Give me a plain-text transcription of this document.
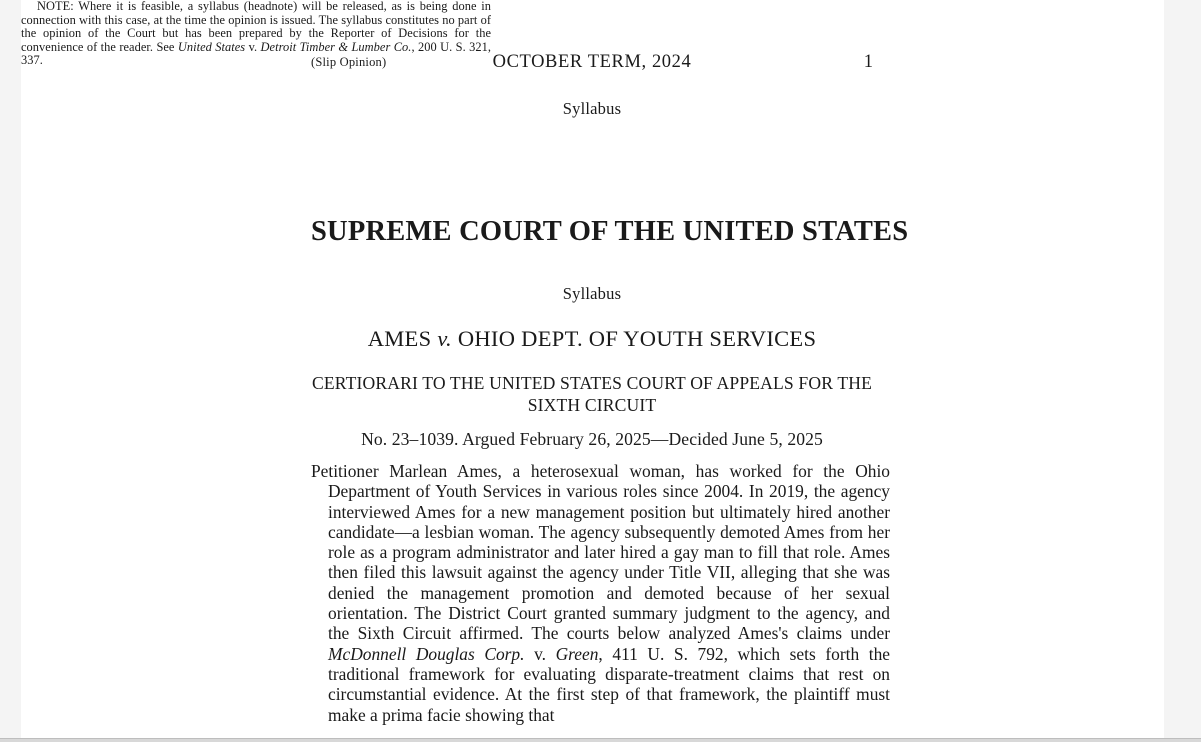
(Slip Opinion)	OCTOBER TERM, 2024	1
Syllabus
NOTE: Where it is feasible, a syllabus (headnote) will be released, as is being done in connection with this case, at the time the opinion is issued. The syllabus constitutes no part of the opinion of the Court but has been prepared by the Reporter of Decisions for the convenience of the reader. See United States v. Detroit Timber & Lumber Co., 200 U. S. 321, 337.
SUPREME COURT OF THE UNITED STATES
Syllabus
AMES v. OHIO DEPT. OF YOUTH SERVICES
CERTIORARI TO THE UNITED STATES COURT OF APPEALS FOR THE SIXTH CIRCUIT
No. 23–1039. Argued February 26, 2025—Decided June 5, 2025
Petitioner Marlean Ames, a heterosexual woman, has worked for the Ohio Department of Youth Services in various roles since 2004. In 2019, the agency interviewed Ames for a new management position but ultimately hired another candidate—a lesbian woman. The agency subsequently demoted Ames from her role as a program administrator and later hired a gay man to fill that role. Ames then filed this lawsuit against the agency under Title VII, alleging that she was denied the management promotion and demoted because of her sexual orientation. The District Court granted summary judgment to the agency, and the Sixth Circuit affirmed. The courts below analyzed Ames's claims under McDonnell Douglas Corp. v. Green, 411 U. S. 792, which sets forth the traditional framework for evaluating disparate-treatment claims that rest on circumstantial evidence. At the first step of that framework, the plaintiff must make a prima facie showing that
